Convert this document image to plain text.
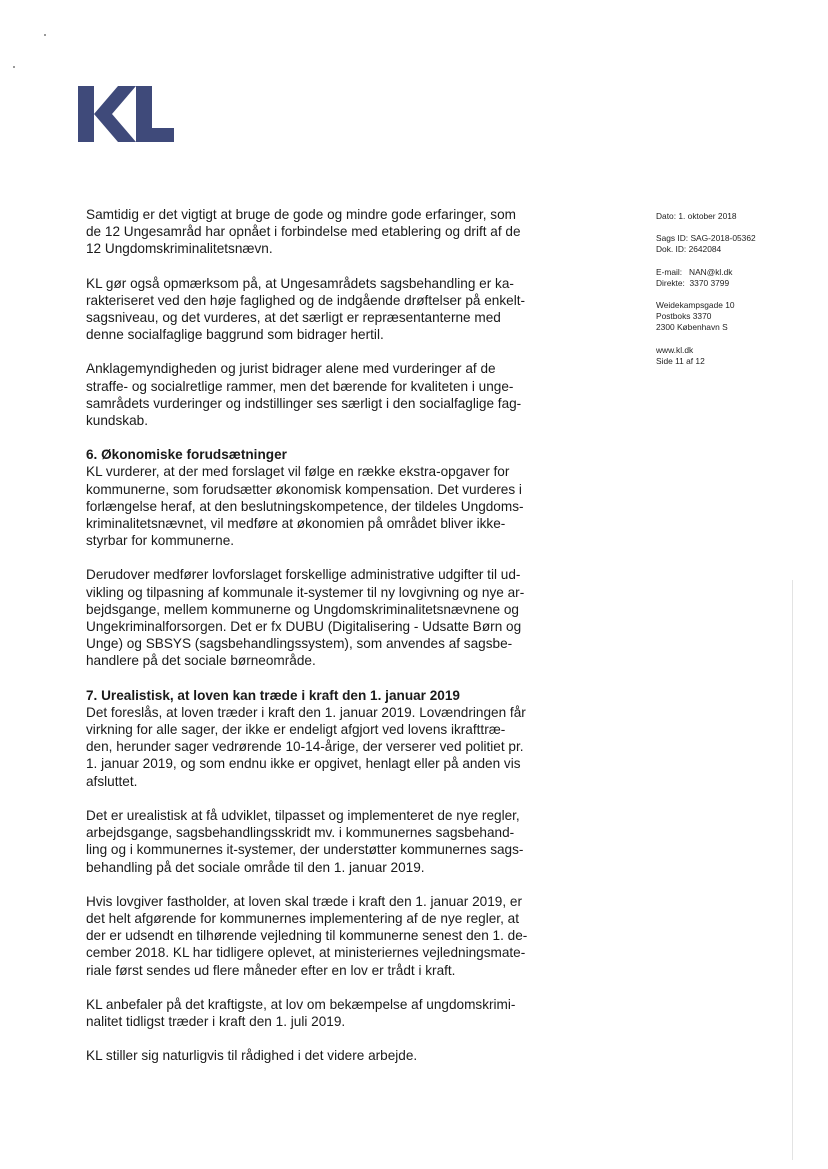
Samtidig er det vigtigt at bruge de gode og mindre gode erfaringer, som
de 12 Ungesamråd har opnået i forbindelse med etablering og drift af de
12 Ungdomskriminalitetsnævn.

KL gør også opmærksom på, at Ungesamrådets sagsbehandling er ka-
rakteriseret ved den høje faglighed og de indgående drøftelser på enkelt-
sagsniveau, og det vurderes, at det særligt er repræsentanterne med
denne socialfaglige baggrund som bidrager hertil.

Anklagemyndigheden og jurist bidrager alene med vurderinger af de
straffe- og socialretlige rammer, men det bærende for kvaliteten i unge-
samrådets vurderinger og indstillinger ses særligt i den socialfaglige fag-
kundskab.

6. Økonomiske forudsætninger

KL vurderer, at der med forslaget vil følge en række ekstra-opgaver for
kommunerne, som forudsætter økonomisk kompensation. Det vurderes i
forlængelse heraf, at den beslutningskompetence, der tildeles Ungdoms-
kriminalitetsnævnet, vil medføre at økonomien på området bliver ikke-
styrbar for kommunerne.

Derudover medfører lovforslaget forskellige administrative udgifter til ud-
vikling og tilpasning af kommunale it-systemer til ny lovgivning og nye ar-
bejdsgange, mellem kommunerne og Ungdomskriminalitetsnævnene og
Ungekriminalforsorgen. Det er fx DUBU (Digitalisering - Udsatte Børn og
Unge) og SBSYS (sagsbehandlingssystem), som anvendes af sagsbe-
handlere på det sociale børneområde.

7. Urealistisk, at loven kan træde i kraft den 1. januar 2019

Det foreslås, at loven træder i kraft den 1. januar 2019. Lovændringen får
virkning for alle sager, der ikke er endeligt afgjort ved lovens ikrafttræ-
den, herunder sager vedrørende 10-14-årige, der verserer ved politiet pr.
1. januar 2019, og som endnu ikke er opgivet, henlagt eller på anden vis
afsluttet.

Det er urealistisk at få udviklet, tilpasset og implementeret de nye regler,
arbejdsgange, sagsbehandlingsskridt mv. i kommunernes sagsbehand-
ling og i kommunernes it-systemer, der understøtter kommunernes sags-
behandling på det sociale område til den 1. januar 2019.

Hvis lovgiver fastholder, at loven skal træde i kraft den 1. januar 2019, er
det helt afgørende for kommunernes implementering af de nye regler, at
der er udsendt en tilhørende vejledning til kommunerne senest den 1. de-
cember 2018. KL har tidligere oplevet, at ministeriernes vejledningsmate-
riale først sendes ud flere måneder efter en lov er trådt i kraft.

KL anbefaler på det kraftigste, at lov om bekæmpelse af ungdomskrimi-
nalitet tidligst træder i kraft den 1. juli 2019.

KL stiller sig naturligvis til rådighed i det videre arbejde.

Dato: 1. oktober 2018
Sags ID: SAG-2018-05362
Dok. ID: 2642084
E-mail:   NAN@kl.dk
Direkte:  3370 3799
Weidekampsgade 10
Postboks 3370
2300 København S
www.kl.dk
Side 11 af 12
